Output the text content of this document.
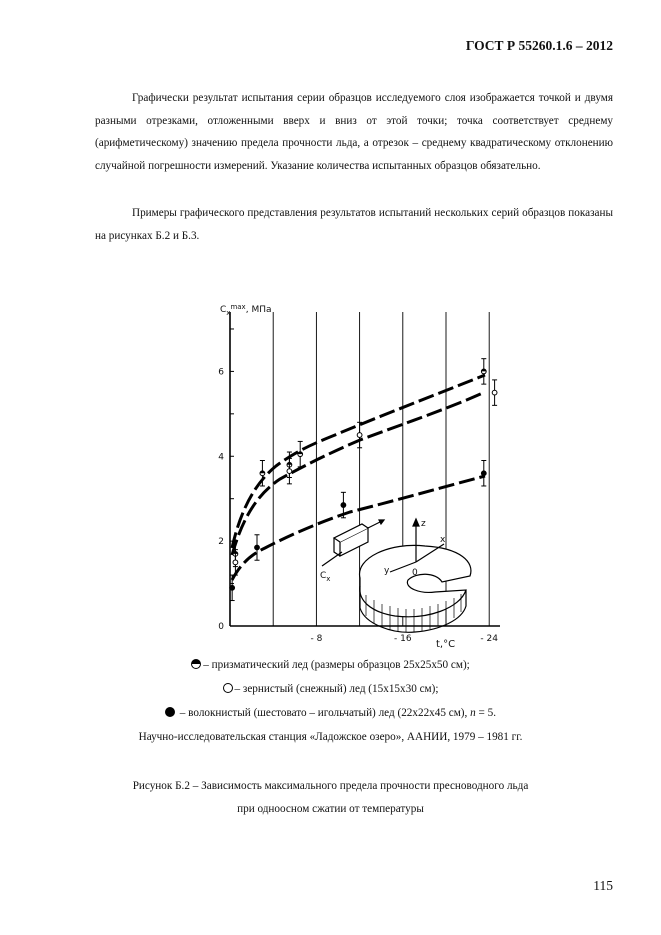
ГОСТ Р 55260.1.6 – 2012
Графически результат испытания серии образцов исследуемого слоя изображается точкой и двумя разными отрезками, отложенными вверх и вниз от этой точки; точка соответствует среднему (арифметическому) значению предела прочности льда, а отрезок – среднему квадратическому отклонению случайной погрешности измерений. Указание количества испытанных образцов обязательно.
Примеры графического представления результатов испытаний нескольких серий образцов показаны на рисунках Б.2 и Б.3.
0
2
4
6
- 8	- 16	- 24
$C_x^{max}$, МПа
t,°C
z
x
y	0
$C_x$
– призматический лед (размеры образцов 25х25х50 см);
– зернистый (снежный) лед (15х15х30 см);
– волокнистый (шестовато – игольчатый) лед (22х22х45 см), n = 5.
Научно-исследовательская станция «Ладожское озеро», ААНИИ, 1979 – 1981 гг.
Рисунок Б.2 – Зависимость максимального предела прочности пресноводного льда
при одноосном сжатии от температуры
115
